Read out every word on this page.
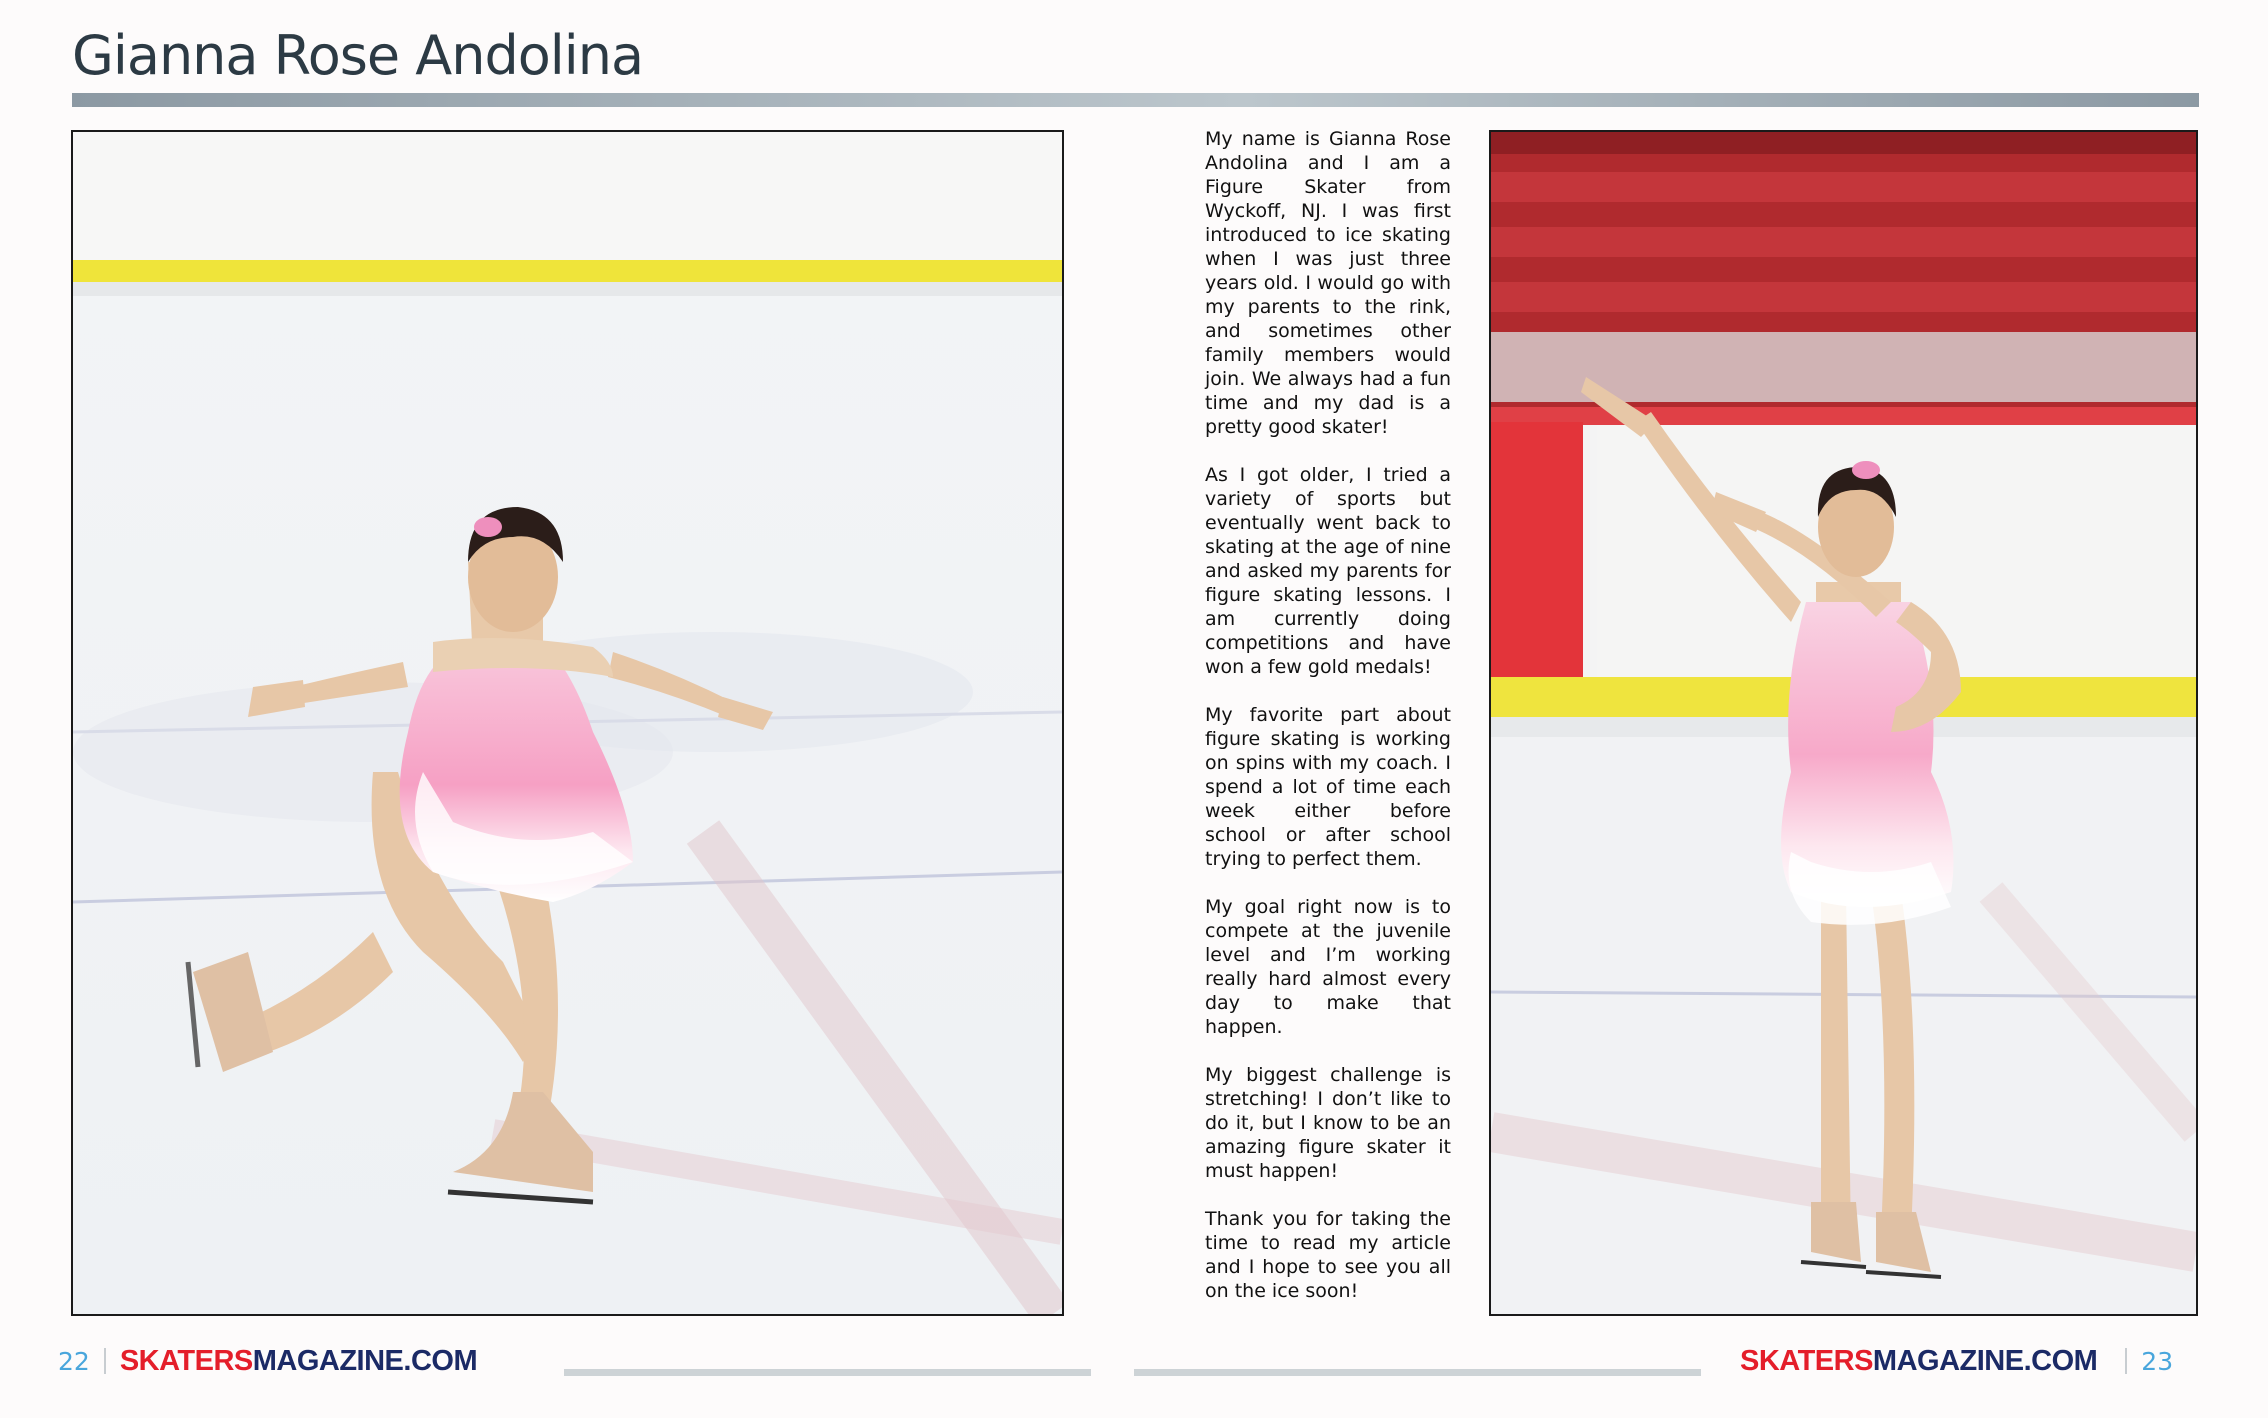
Gianna Rose Andolina

My name is Gianna Rose Andolina and I am a Figure Skater from Wyckoff, NJ. I was first introduced to ice skating when I was just three years old. I would go with my parents to the rink, and sometimes other family members would join. We always had a fun time and my dad is a pretty good skater!

As I got older, I tried a variety of sports but eventually went back to skating at the age of nine and asked my parents for figure skating lessons. I am currently doing competitions and have won a few gold medals!

My favorite part about figure skating is working on spins with my coach. I spend a lot of time each week either before school or after school trying to perfect them.

My goal right now is to compete at the juvenile level and I’m working really hard almost every day to make that happen.

My biggest challenge is stretching! I don’t like to do it, but I know to be an amazing figure skater it must happen!

Thank you for taking the time to read my article and I hope to see you all on the ice soon!

22 SKATERSMAGAZINE.COM	SKATERSMAGAZINE.COM 23
